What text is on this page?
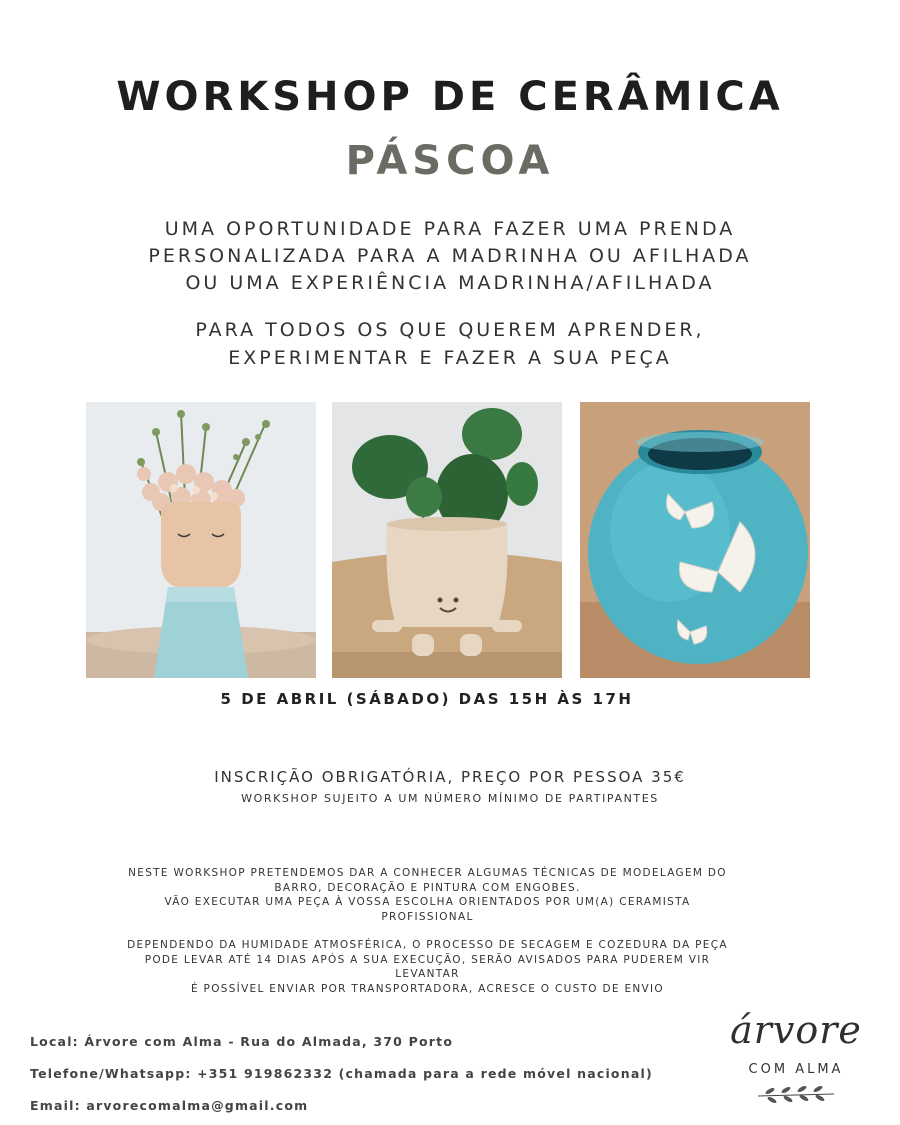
WORKSHOP DE CERÂMICA
PÁSCOA
UMA OPORTUNIDADE PARA FAZER UMA PRENDA
PERSONALIZADA PARA A MADRINHA OU AFILHADA
OU UMA EXPERIÊNCIA MADRINHA/AFILHADA
PARA TODOS OS QUE QUEREM APRENDER,
EXPERIMENTAR E FAZER A SUA PEÇA
5 DE ABRIL (SÁBADO) DAS 15H ÀS 17H
INSCRIÇÃO OBRIGATÓRIA, PREÇO POR PESSOA 35€
WORKSHOP SUJEITO A UM NÚMERO MÍNIMO DE PARTIPANTES
NESTE WORKSHOP PRETENDEMOS DAR A CONHECER ALGUMAS TÉCNICAS DE MODELAGEM DO
BARRO, DECORAÇÃO E PINTURA COM ENGOBES.
VÃO EXECUTAR UMA PEÇA À VOSSA ESCOLHA ORIENTADOS POR UM(A) CERAMISTA
PROFISSIONAL
DEPENDENDO DA HUMIDADE ATMOSFÉRICA, O PROCESSO DE SECAGEM E COZEDURA DA PEÇA
PODE LEVAR ATÉ 14 DIAS APÓS A SUA EXECUÇÃO, SERÃO AVISADOS PARA PUDEREM VIR
LEVANTAR
É POSSÍVEL ENVIAR POR TRANSPORTADORA, ACRESCE O CUSTO DE ENVIO
Local: Árvore com Alma - Rua do Almada, 370 Porto
Telefone/Whatsapp: +351 919862332 (chamada para a rede móvel nacional)
Email: arvorecomalma@gmail.com
árvore
COM ALMA
